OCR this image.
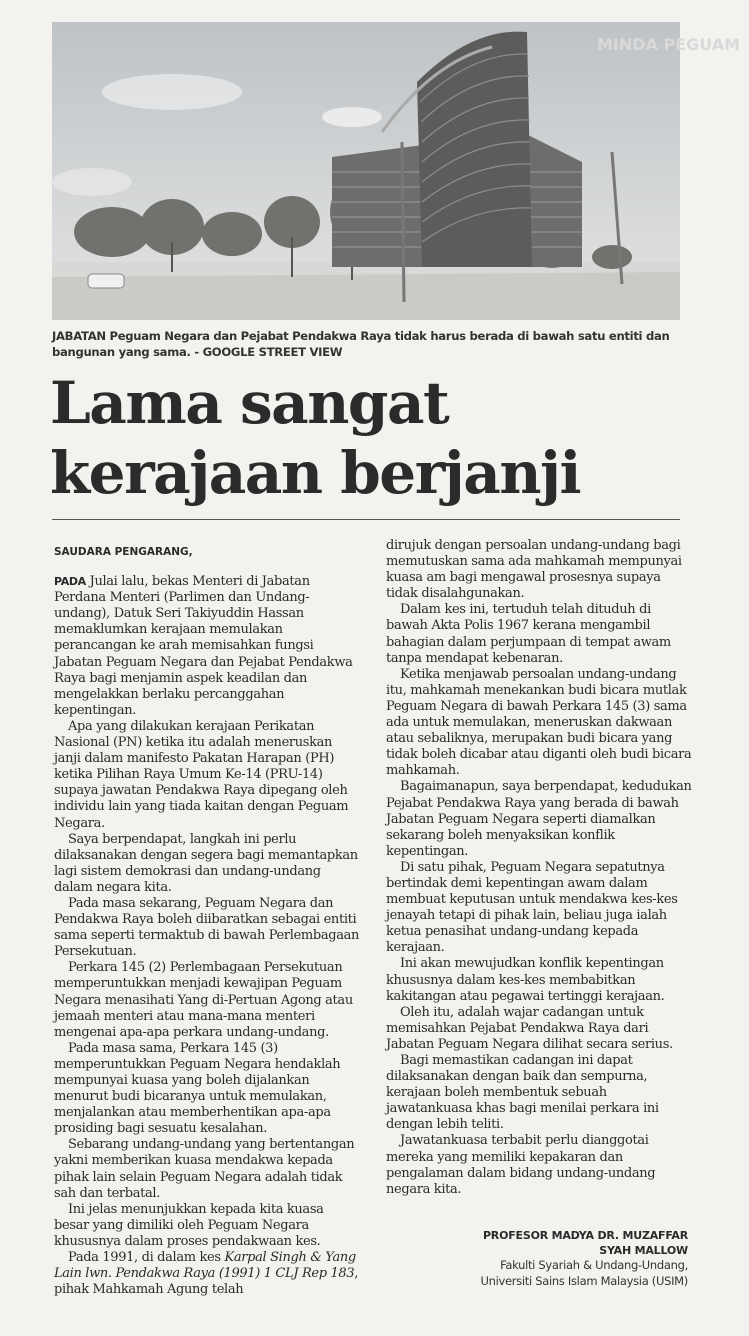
MINDA PEGUAM
JABATAN Peguam Negara dan Pejabat Pendakwa Raya tidak harus berada di bawah satu entiti dan bangunan yang sama. - GOOGLE STREET VIEW
Lama sangat
kerajaan berjanji

SAUDARA PENGARANG,

PADA Julai lalu, bekas Menteri di Jabatan Perdana Menteri (Parlimen dan Undang-undang), Datuk Seri Takiyuddin Hassan memaklumkan kerajaan memulakan perancangan ke arah memisahkan fungsi Jabatan Peguam Negara dan Pejabat Pendakwa Raya bagi menjamin aspek keadilan dan mengelakkan berlaku percanggahan kepentingan.

Apa yang dilakukan kerajaan Perikatan Nasional (PN) ketika itu adalah meneruskan janji dalam manifesto Pakatan Harapan (PH) ketika Pilihan Raya Umum Ke-14 (PRU-14) supaya jawatan Pendakwa Raya dipegang oleh individu lain yang tiada kaitan dengan Peguam Negara.

Saya berpendapat, langkah ini perlu dilaksanakan dengan segera bagi memantapkan lagi sistem demokrasi dan undang-undang dalam negara kita.

Pada masa sekarang, Peguam Negara dan Pendakwa Raya boleh diibaratkan sebagai entiti sama seperti termaktub di bawah Perlembagaan Persekutuan.

Perkara 145 (2) Perlembagaan Persekutuan memperuntukkan menjadi kewajipan Peguam Negara menasihati Yang di-Pertuan Agong atau jemaah menteri atau mana-mana menteri mengenai apa-apa perkara undang-undang.

Pada masa sama, Perkara 145 (3) memperuntukkan Peguam Negara hendaklah mempunyai kuasa yang boleh dijalankan menurut budi bicaranya untuk memulakan, menjalankan atau memberhentikan apa-apa prosiding bagi sesuatu kesalahan.

Sebarang undang-undang yang bertentangan yakni memberikan kuasa mendakwa kepada pihak lain selain Peguam Negara adalah tidak sah dan terbatal.

Ini jelas menunjukkan kepada kita kuasa besar yang dimiliki oleh Peguam Negara khususnya dalam proses pendakwaan kes.

Pada 1991, di dalam kes Karpal Singh & Yang Lain lwn. Pendakwa Raya (1991) 1 CLJ Rep 183, pihak Mahkamah Agung telah

dirujuk dengan persoalan undang-undang bagi memutuskan sama ada mahkamah mempunyai kuasa am bagi mengawal prosesnya supaya tidak disalahgunakan.

Dalam kes ini, tertuduh telah dituduh di bawah Akta Polis 1967 kerana mengambil bahagian dalam perjumpaan di tempat awam tanpa mendapat kebenaran.

Ketika menjawab persoalan undang-undang itu, mahkamah menekankan budi bicara mutlak Peguam Negara di bawah Perkara 145 (3) sama ada untuk memulakan, meneruskan dakwaan atau sebaliknya, merupakan budi bicara yang tidak boleh dicabar atau diganti oleh budi bicara mahkamah.

Bagaimanapun, saya berpendapat, kedudukan Pejabat Pendakwa Raya yang berada di bawah Jabatan Peguam Negara seperti diamalkan sekarang boleh menyaksikan konflik kepentingan.

Di satu pihak, Peguam Negara sepatutnya bertindak demi kepentingan awam dalam membuat keputusan untuk mendakwa kes-kes jenayah tetapi di pihak lain, beliau juga ialah ketua penasihat undang-undang kepada kerajaan.

Ini akan mewujudkan konflik kepentingan khususnya dalam kes-kes membabitkan kakitangan atau pegawai tertinggi kerajaan.

Oleh itu, adalah wajar cadangan untuk memisahkan Pejabat Pendakwa Raya dari Jabatan Peguam Negara dilihat secara serius.

Bagi memastikan cadangan ini dapat dilaksanakan dengan baik dan sempurna, kerajaan boleh membentuk sebuah jawatankuasa khas bagi menilai perkara ini dengan lebih teliti.

Jawatankuasa terbabit perlu dianggotai mereka yang memiliki kepakaran dan pengalaman dalam bidang undang-undang negara kita.

PROFESOR MADYA DR. MUZAFFAR
SYAH MALLOW
Fakulti Syariah & Undang-Undang,
Universiti Sains Islam Malaysia (USIM)
